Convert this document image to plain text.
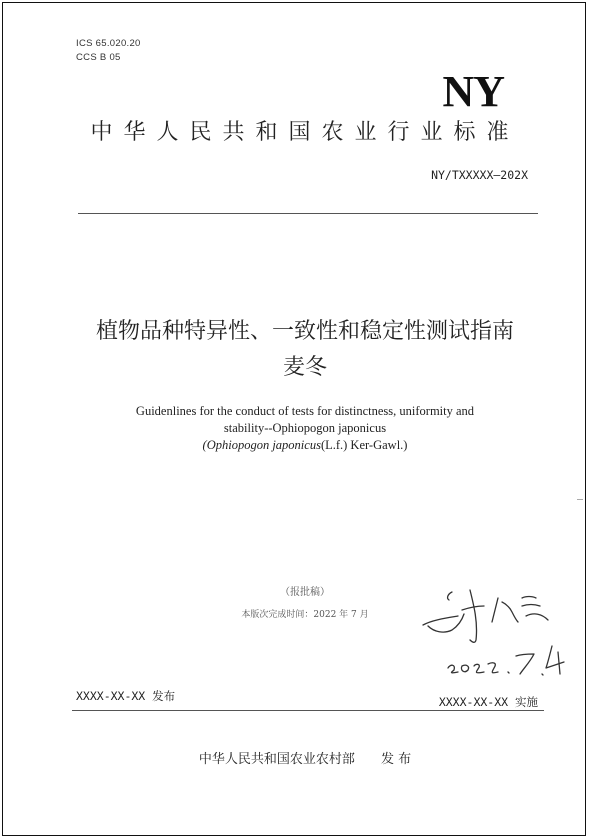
ICS 65.020.20
CCS B 05
NY
中华人民共和国农业行业标准
NY/TXXXXX—202X
植物品种特异性、一致性和稳定性测试指南
麦冬
Guidenlines for the conduct of tests for distinctness, uniformity and
stability--Ophiopogon japonicus
(Ophiopogon japonicus(L.f.) Ker-Gawl.)
（报批稿）
本版次完成时间：2022 年 7 月
XXXX-XX-XX 发布	XXXX-XX-XX 实施
中华人民共和国农业农村部 发 布
